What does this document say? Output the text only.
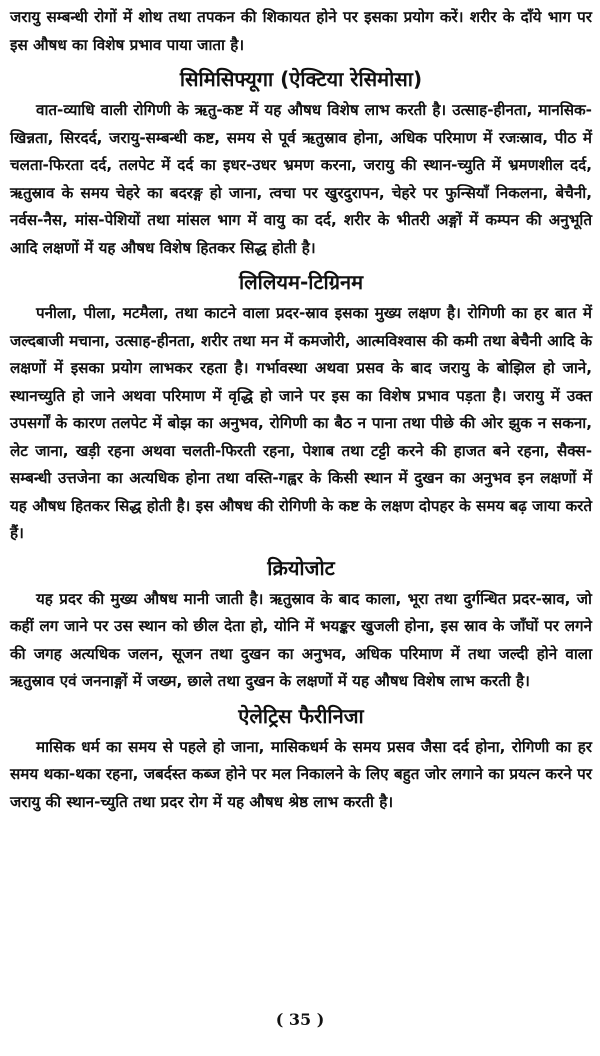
जरायु सम्बन्धी रोगों में शोथ तथा तपकन की शिकायत होने पर इसका प्रयोग करें। शरीर के दाँये भाग पर इस औषध का विशेष प्रभाव पाया जाता है।

सिमिसिफ्यूगा (ऐक्टिया रेसिमोसा)

वात-व्याधि वाली रोगिणी के ऋतु-कष्ट में यह औषध विशेष लाभ करती है। उत्साह-हीनता, मानसिक-खिन्नता, सिरदर्द, जरायु-सम्बन्धी कष्ट, समय से पूर्व ऋतुस्राव होना, अधिक परिमाण में रजःस्राव, पीठ में चलता-फिरता दर्द, तलपेट में दर्द का इधर-उधर भ्रमण करना, जरायु की स्थान-च्युति में भ्रमणशील दर्द, ऋतुस्राव के समय चेहरे का बदरङ्ग हो जाना, त्वचा पर खुरदुरापन, चेहरे पर फुन्सियाँ निकलना, बेचैनी, नर्वस-नैस, मांस-पेशियों तथा मांसल भाग में वायु का दर्द, शरीर के भीतरी अङ्गों में कम्पन की अनुभूति आदि लक्षणों में यह औषध विशेष हितकर सिद्ध होती है।

लिलियम-टिग्रिनम

पनीला, पीला, मटमैला, तथा काटने वाला प्रदर-स्राव इसका मुख्य लक्षण है। रोगिणी का हर बात में जल्दबाजी मचाना, उत्साह-हीनता, शरीर तथा मन में कमजोरी, आत्मविश्वास की कमी तथा बेचैनी आदि के लक्षणों में इसका प्रयोग लाभकर रहता है। गर्भावस्था अथवा प्रसव के बाद जरायु के बोझिल हो जाने, स्थानच्युति हो जाने अथवा परिमाण में वृद्धि हो जाने पर इस का विशेष प्रभाव पड़ता है। जरायु में उक्त उपसर्गों के कारण तलपेट में बोझ का अनुभव, रोगिणी का बैठ न पाना तथा पीछे की ओर झुक न सकना, लेट जाना, खड़ी रहना अथवा चलती-फिरती रहना, पेशाब तथा टट्टी करने की हाजत बने रहना, सैक्स-सम्बन्धी उत्तजेना का अत्यधिक होना तथा वस्ति-गह्वर के किसी स्थान में दुखन का अनुभव इन लक्षणों में यह औषध हितकर सिद्ध होती है। इस औषध की रोगिणी के कष्ट के लक्षण दोपहर के समय बढ़ जाया करते हैं।

क्रियोजोट

यह प्रदर की मुख्य औषध मानी जाती है। ऋतुस्राव के बाद काला, भूरा तथा दुर्गन्धित प्रदर-स्राव, जो कहीं लग जाने पर उस स्थान को छील देता हो, योनि में भयङ्कर खुजली होना, इस स्राव के जाँघों पर लगने की जगह अत्यधिक जलन, सूजन तथा दुखन का अनुभव, अधिक परिमाण में तथा जल्दी होने वाला ऋतुस्राव एवं जननाङ्गों में जख्म, छाले तथा दुखन के लक्षणों में यह औषध विशेष लाभ करती है।

ऐलेट्रिस फैरीनिजा

मासिक धर्म का समय से पहले हो जाना, मासिकधर्म के समय प्रसव जैसा दर्द होना, रोगिणी का हर समय थका-थका रहना, जबर्दस्त कब्ज होने पर मल निकालने के लिए बहुत जोर लगाने का प्रयत्न करने पर जरायु की स्थान-च्युति तथा प्रदर रोग में यह औषध श्रेष्ठ लाभ करती है।

( 35 )
